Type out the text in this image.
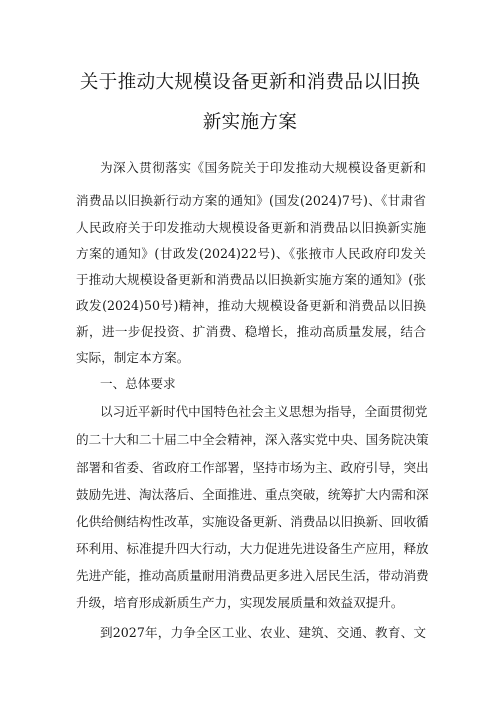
关于推动大规模设备更新和消费品以旧换
新实施方案
为深入贯彻落实《国务院关于印发推动大规模设备更新和
消费品以旧换新行动方案的通知》(国发(2024)7号)、《甘肃省
人民政府关于印发推动大规模设备更新和消费品以旧换新实施
方案的通知》(甘政发(2024)22号)、《张掖市人民政府印发关
于推动大规模设备更新和消费品以旧换新实施方案的通知》(张
政发(2024)50号)精神，推动大规模设备更新和消费品以旧换
新，进一步促投资、扩消费、稳增长，推动高质量发展，结合
实际，制定本方案。
一、总体要求
以习近平新时代中国特色社会主义思想为指导，全面贯彻党
的二十大和二十届二中全会精神，深入落实党中央、国务院决策
部署和省委、省政府工作部署，坚持市场为主、政府引导，突出
鼓励先进、淘汰落后、全面推进、重点突破，统筹扩大内需和深
化供给侧结构性改革，实施设备更新、消费品以旧换新、回收循
环利用、标准提升四大行动，大力促进先进设备生产应用，释放
先进产能，推动高质量耐用消费品更多进入居民生活，带动消费
升级，培育形成新质生产力，实现发展质量和效益双提升。
到2027年，力争全区工业、农业、建筑、交通、教育、文
